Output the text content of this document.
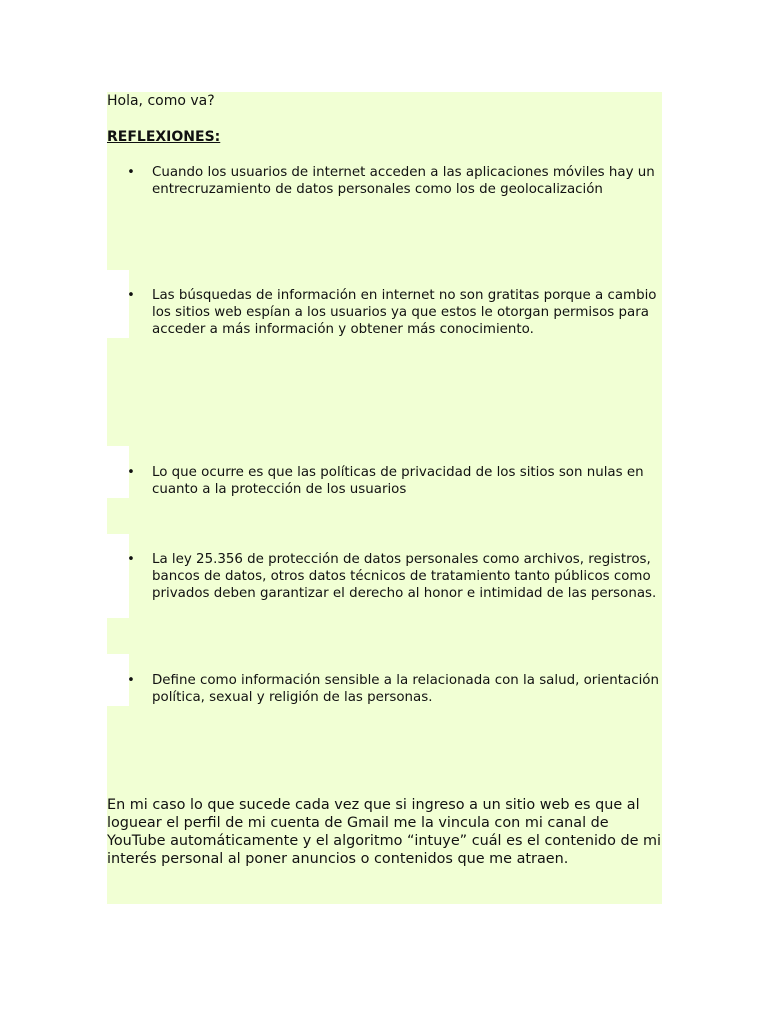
Hola, como va?

REFLEXIONES:

• Cuando los usuarios de internet acceden a las aplicaciones móviles hay un entrecruzamiento de datos personales como los de geolocalización

• Las búsquedas de información en internet no son gratitas porque a cambio los sitios web espían a los usuarios ya que estos le otorgan permisos para acceder a más información y obtener más conocimiento.

• Lo que ocurre es que las políticas de privacidad de los sitios son nulas en cuanto a la protección de los usuarios

• La ley 25.356 de protección de datos personales como archivos, registros, bancos de datos, otros datos técnicos de tratamiento tanto públicos como privados deben garantizar el derecho al honor e intimidad de las personas.

• Define como información sensible a la relacionada con la salud, orientación política, sexual y religión de las personas.

En mi caso lo que sucede cada vez que si ingreso a un sitio web es que al loguear el perfil de mi cuenta de Gmail me la vincula con mi canal de YouTube automáticamente y el algoritmo “intuye” cuál es el contenido de mi interés personal al poner anuncios o contenidos que me atraen.
